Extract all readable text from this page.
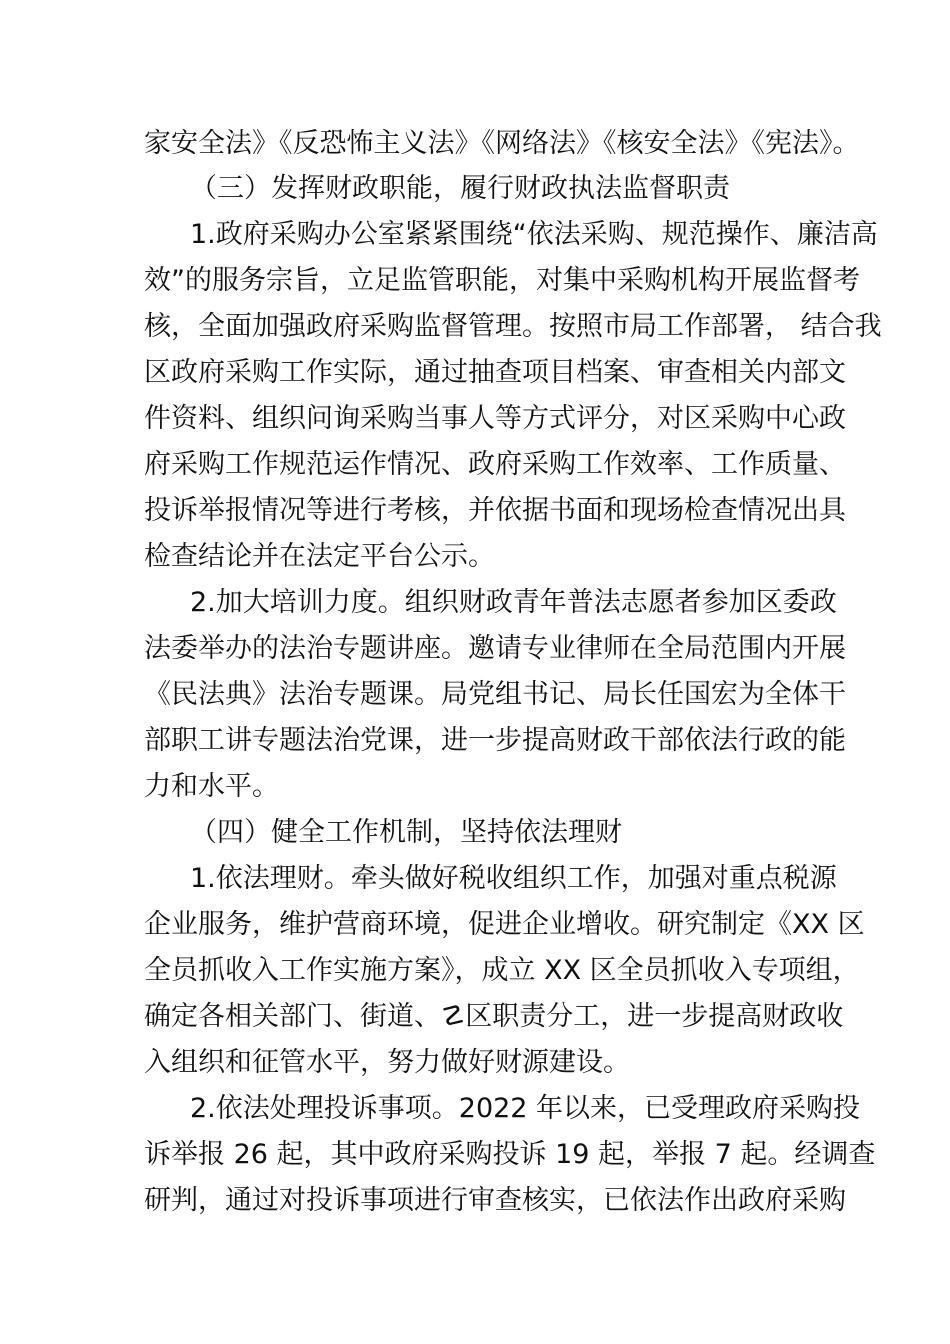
家安全法》《反恐怖主义法》《网络法》《核安全法》《宪法》。
（三）发挥财政职能，履行财政执法监督职责
1.政府采购办公室紧紧围绕“依法采购、规范操作、廉洁高
效”的服务宗旨，立足监管职能，对集中采购机构开展监督考
核，全面加强政府采购监督管理。按照市局工作部署， 结合我
区政府采购工作实际，通过抽查项目档案、审查相关内部文
件资料、组织问询采购当事人等方式评分，对区采购中心政
府采购工作规范运作情况、政府采购工作效率、工作质量、
投诉举报情况等进行考核，并依据书面和现场检查情况出具
检查结论并在法定平台公示。
2.加大培训力度。组织财政青年普法志愿者参加区委政
法委举办的法治专题讲座。邀请专业律师在全局范围内开展
《民法典》法治专题课。局党组书记、局长任国宏为全体干
部职工讲专题法治党课，进一步提高财政干部依法行政的能
力和水平。
（四）健全工作机制，坚持依法理财
1.依法理财。牵头做好税收组织工作，加强对重点税源
企业服务，维护营商环境，促进企业增收。研究制定《XX 区
全员抓收入工作实施方案》，成立 XX 区全员抓收入专项组，
确定各相关部门、街道、☡区职责分工，进一步提高财政收
入组织和征管水平，努力做好财源建设。
2.依法处理投诉事项。2022 年以来，已受理政府采购投
诉举报 26 起，其中政府采购投诉 19 起，举报 7 起。经调查
研判，通过对投诉事项进行审查核实，已依法作出政府采购
